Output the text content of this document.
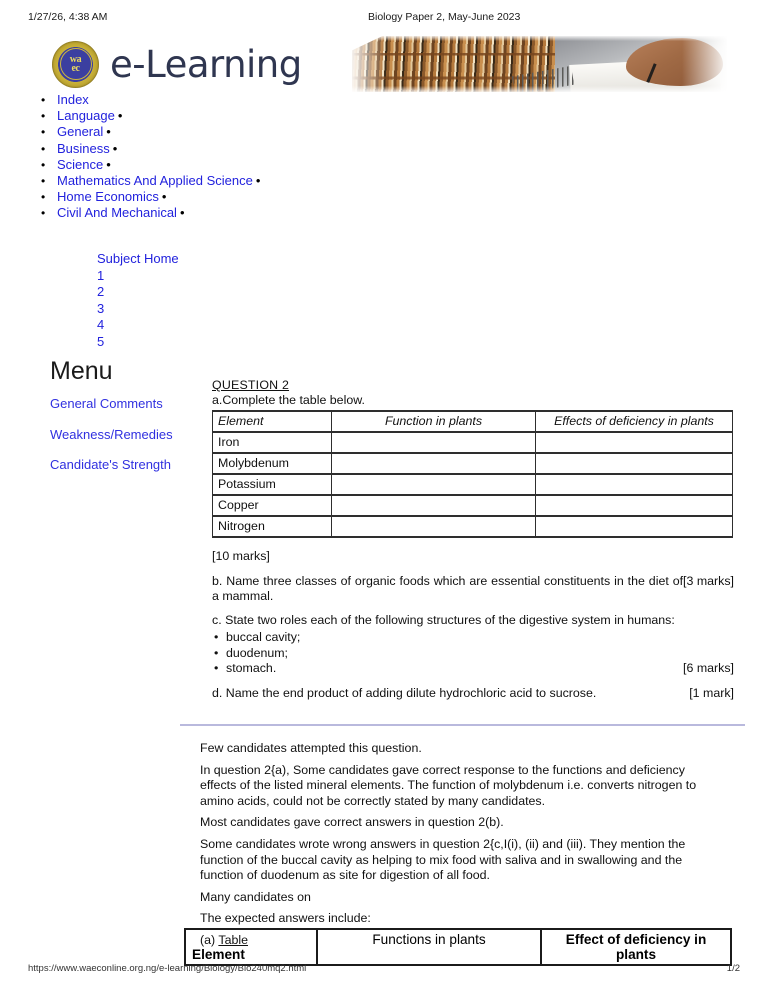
1/27/26, 4:38 AM	Biology Paper 2, May-June 2023
wa
ec e-Learning
• Index
• Language •
• General •
• Business •
• Science •
• Mathematics And Applied Science •
• Home Economics •
• Civil And Mechanical •
Subject Home
1
2
3
4
5
Menu
General Comments
Weakness/Remedies
Candidate's Strength
QUESTION 2

a.Complete the table below.

Element	Function in plants	Effects of deficiency in plants
Iron		
Molybdenum		
Potassium		
Copper		
Nitrogen		

[10 marks]

[3 marks]
b. Name three classes of organic foods which are essential constituents in the diet of a mammal.

c. State two roles each of the following structures of the digestive system in humans:

• buccal cavity;
• duodenum;
• [6 marks]
stomach.

[1 mark]
d. Name the end product of adding dilute hydrochloric acid to sucrose.

Few candidates attempted this question.

In question 2{a), Some candidates gave correct response to the functions and deficiency effects of the listed mineral elements. The function of molybdenum i.e. converts nitrogen to amino acids, could not be correctly stated by many candidates.

Most candidates gave correct answers in question 2(b).

Some candidates wrote wrong answers in question 2{c,I(i), (ii) and (iii). They mention the function of the buccal cavity as helping to mix food with saliva and in swallowing and the function of duodenum as site for digestion of all food.

Many candidates on

The expected answers include:

(a) Table

Element	Functions in plants	Effect of deficiency in plants
https://www.waeconline.org.ng/e-learning/Biology/Bio240mq2.html	1/2
